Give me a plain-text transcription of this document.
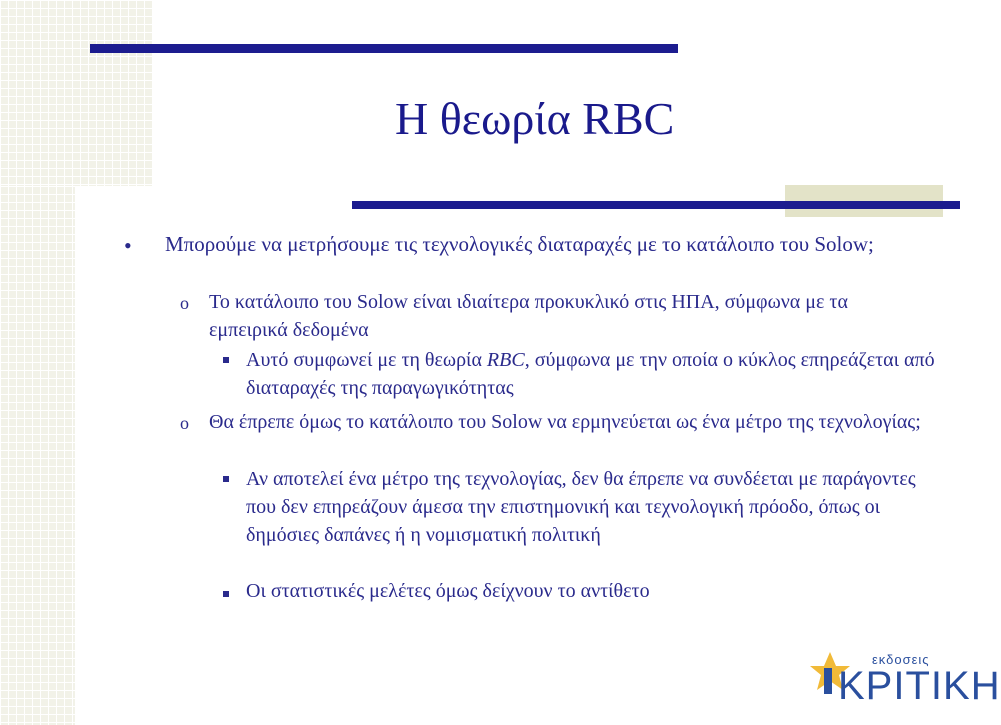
Η θεωρία RBC
• Μπορούμε να μετρήσουμε τις τεχνολογικές διαταραχές με το κατάλοιπο του Solow;
o Το κατάλοιπο του Solow είναι ιδιαίτερα προκυκλικό στις ΗΠΑ, σύμφωνα με τα εμπειρικά δεδομένα
Αυτό συμφωνεί με τη θεωρία RBC, σύμφωνα με την οποία ο κύκλος επηρεάζεται από διαταραχές της παραγωγικότητας
o Θα έπρεπε όμως το κατάλοιπο του Solow να ερμηνεύεται ως ένα μέτρο της τεχνολογίας;
Αν αποτελεί ένα μέτρο της τεχνολογίας, δεν θα έπρεπε να συνδέεται με παράγοντες που δεν επηρεάζουν άμεσα την επιστημονική και τεχνολογική πρόοδο, όπως οι δημόσιες δαπάνες ή η νομισματική πολιτική
Οι στατιστικές μελέτες όμως δείχνουν το αντίθετο
εκδοσεις
ΚΡΙΤΙΚΗ
